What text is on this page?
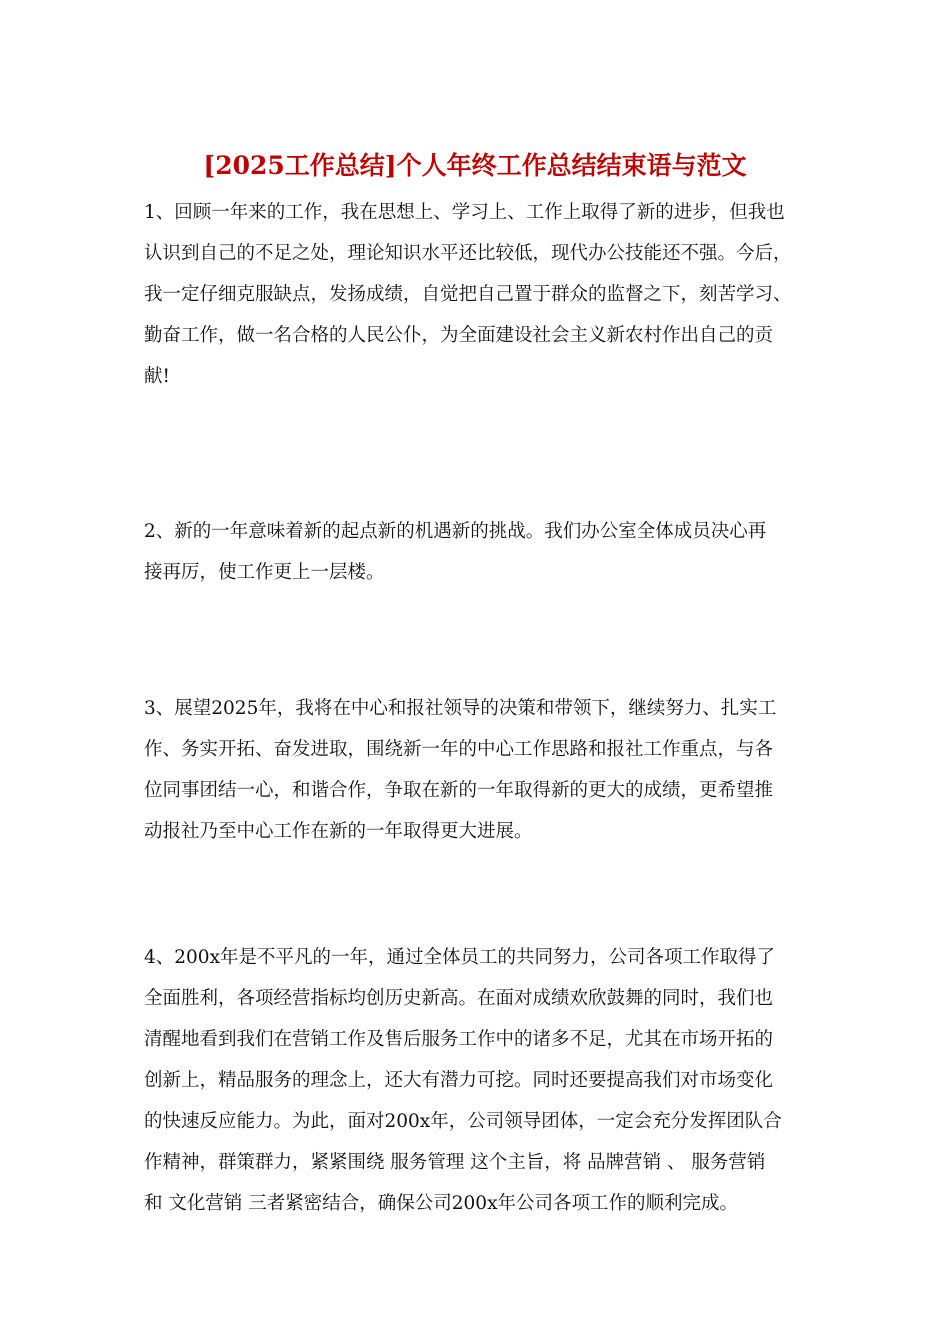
[2025工作总结]个人年终工作总结结束语与范文
1、回顾一年来的工作，我在思想上、学习上、工作上取得了新的进步，但我也
认识到自己的不足之处，理论知识水平还比较低，现代办公技能还不强。今后，
我一定仔细克服缺点，发扬成绩，自觉把自己置于群众的监督之下，刻苦学习、
勤奋工作，做一名合格的人民公仆，为全面建设社会主义新农村作出自己的贡
献!
2、新的一年意味着新的起点新的机遇新的挑战。我们办公室全体成员决心再
接再厉，使工作更上一层楼。
3、展望2025年，我将在中心和报社领导的决策和带领下，继续努力、扎实工
作、务实开拓、奋发进取，围绕新一年的中心工作思路和报社工作重点，与各
位同事团结一心，和谐合作，争取在新的一年取得新的更大的成绩，更希望推
动报社乃至中心工作在新的一年取得更大进展。
4、200x年是不平凡的一年，通过全体员工的共同努力，公司各项工作取得了
全面胜利，各项经营指标均创历史新高。在面对成绩欢欣鼓舞的同时，我们也
清醒地看到我们在营销工作及售后服务工作中的诸多不足，尤其在市场开拓的
创新上，精品服务的理念上，还大有潜力可挖。同时还要提高我们对市场变化
的快速反应能力。为此，面对200x年，公司领导团体，一定会充分发挥团队合
作精神，群策群力，紧紧围绕 服务管理 这个主旨，将 品牌营销 、 服务营销
和 文化营销 三者紧密结合，确保公司200x年公司各项工作的顺利完成。
